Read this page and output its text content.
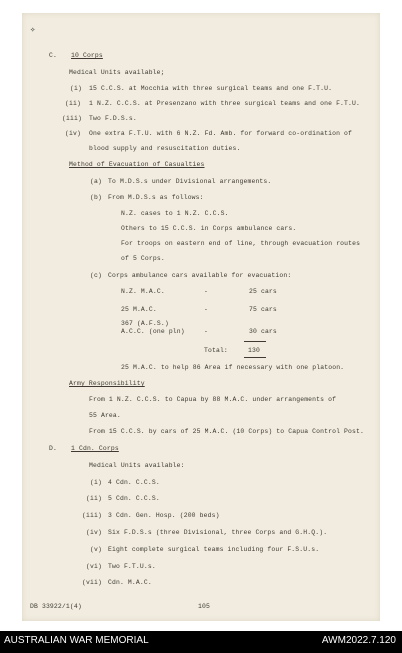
✧
C. 10 Corps
Medical Units available;
(i) 15 C.C.S. at Mocchia with three surgical teams and one F.T.U.
(ii) 1 N.Z. C.C.S. at Presenzano with three surgical teams and one F.T.U.
(iii) Two F.D.S.s.
(iv) One extra F.T.U. with 6 N.Z. Fd. Amb. for forward co-ordination of
blood supply and resuscitation duties.
Method of Evacuation of Casualties
(a) To M.D.S.s under Divisional arrangements.
(b) From M.D.S.s as follows:
N.Z. cases to 1 N.Z. C.C.S.
Others to 15 C.C.S. in Corps ambulance cars.
For troops on eastern end of line, through evacuation routes
of 5 Corps.
(c) Corps ambulance cars available for evacuation:
N.Z. M.A.C.	-	25 cars
25 M.A.C.	-	75 cars
367 (A.F.S.)
A.C.C. (one pln)	-	30 cars
Total:	130
25 M.A.C. to help 86 Area if necessary with one platoon.
Army Responsibility
From 1 N.Z. C.C.S. to Capua by 88 M.A.C. under arrangements of
55 Area.
From 15 C.C.S. by cars of 25 M.A.C. (10 Corps) to Capua Control Post.
D. 1 Cdn. Corps
Medical Units available:
(i) 4 Cdn. C.C.S.
(ii) 5 Cdn. C.C.S.
(iii) 3 Cdn. Gen. Hosp. (200 beds)
(iv) Six F.D.S.s (three Divisional, three Corps and G.H.Q.).
(v) Eight complete surgical teams including four F.S.U.s.
(vi) Two F.T.U.s.
(vii) Cdn. M.A.C.
DB 33922/1(4)	105
AUSTRALIAN WAR MEMORIAL	AWM2022.7.120
